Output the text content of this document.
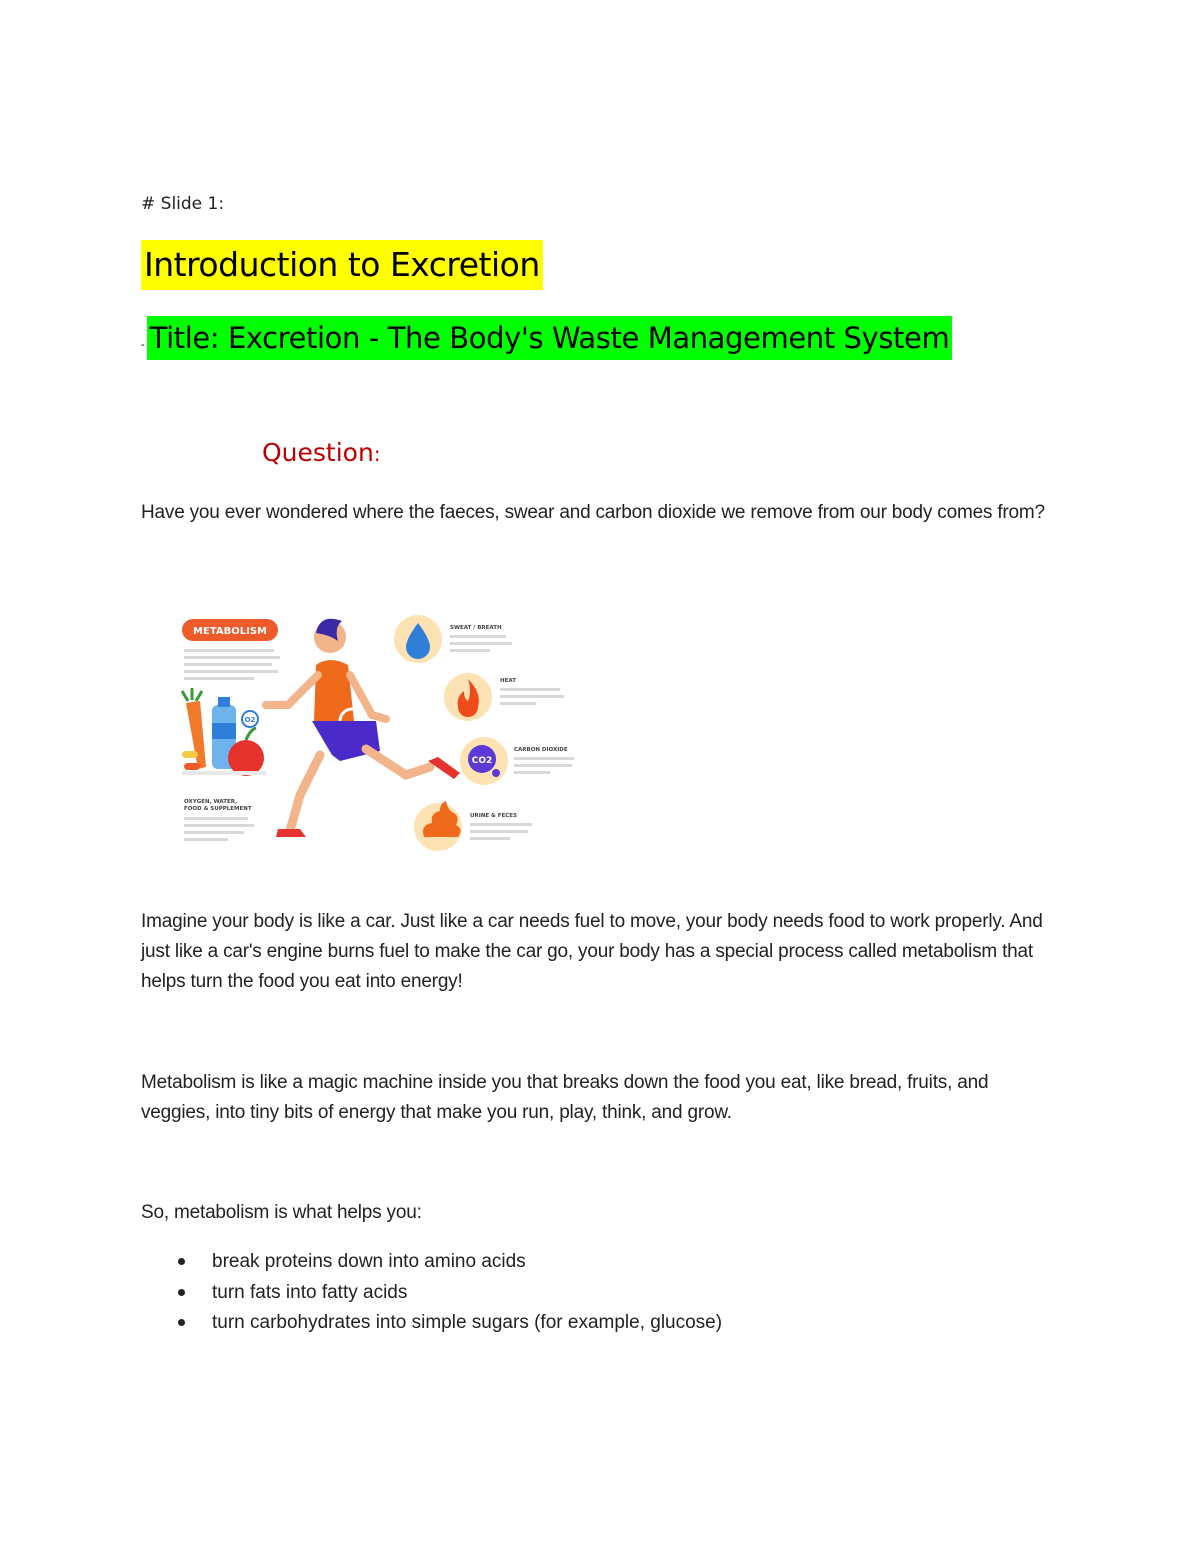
# Slide 1:
Introduction to Excretion
- Title: Excretion - The Body's Waste Management System
Question:
Have you ever wondered where the faeces, swear and carbon dioxide we remove from our body comes from?
METABOLISM
O2
OXYGEN, WATER,
FOOD & SUPPLEMENT
SWEAT / BREATH
HEAT
CO2
CARBON DIOXIDE
URINE & FECES
Imagine your body is like a car. Just like a car needs fuel to move, your body needs food to work properly. And just like a car's engine burns fuel to make the car go, your body has a special process called metabolism that helps turn the food you eat into energy!
Metabolism is like a magic machine inside you that breaks down the food you eat, like bread, fruits, and veggies, into tiny bits of energy that make you run, play, think, and grow.
So, metabolism is what helps you:
break proteins down into amino acids
turn fats into fatty acids
turn carbohydrates into simple sugars (for example, glucose)
